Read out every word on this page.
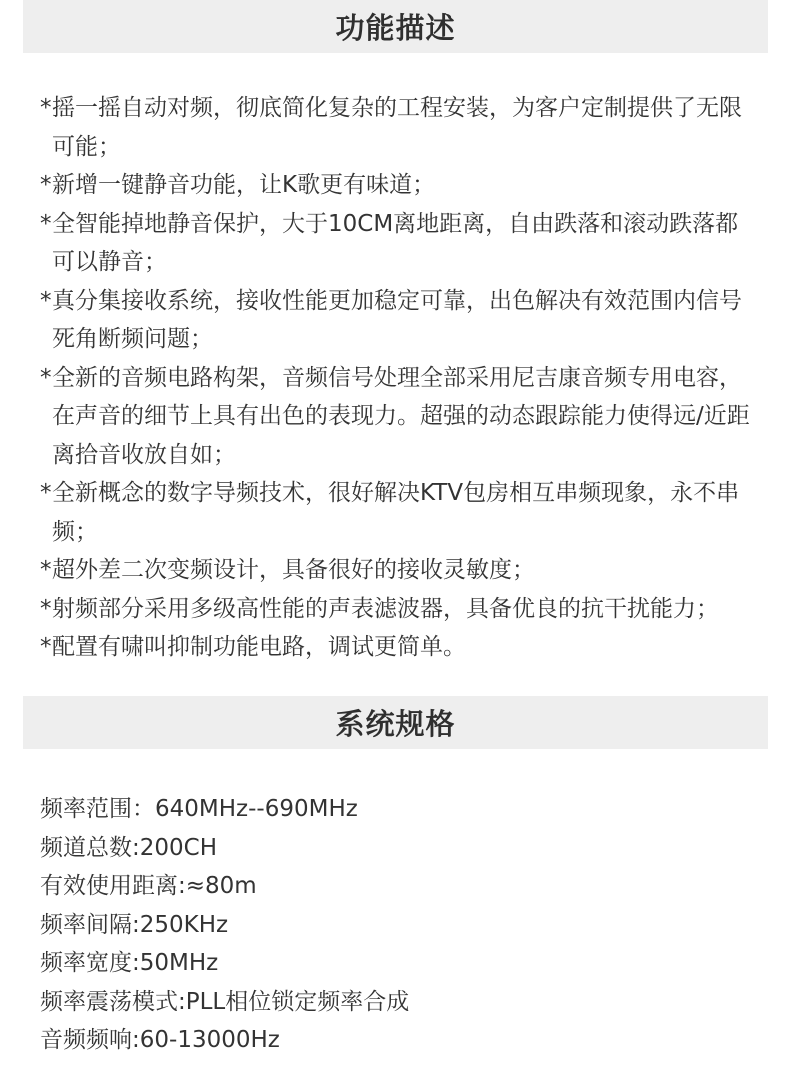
功能描述
* 摇一摇自动对频，彻底简化复杂的工程安装，为客户定制提供了无限可能；
* 新增一键静音功能，让K歌更有味道；
* 全智能掉地静音保护，大于10CM离地距离，自由跌落和滚动跌落都可以静音；
* 真分集接收系统，接收性能更加稳定可靠，出色解决有效范围内信号死角断频问题；
* 全新的音频电路构架，音频信号处理全部采用尼吉康音频专用电容，在声音的细节上具有出色的表现力。超强的动态跟踪能力使得远/近距离拾音收放自如；
* 全新概念的数字导频技术，很好解决KTV包房相互串频现象，永不串频；
* 超外差二次变频设计，具备很好的接收灵敏度；
* 射频部分采用多级高性能的声表滤波器，具备优良的抗干扰能力；
* 配置有啸叫抑制功能电路，调试更简单。
系统规格
频率范围：640MHz--690MHz
频道总数:200CH
有效使用距离:≈80m
频率间隔:250KHz
频率宽度:50MHz
频率震荡模式:PLL相位锁定频率合成
音频频响:60-13000Hz
